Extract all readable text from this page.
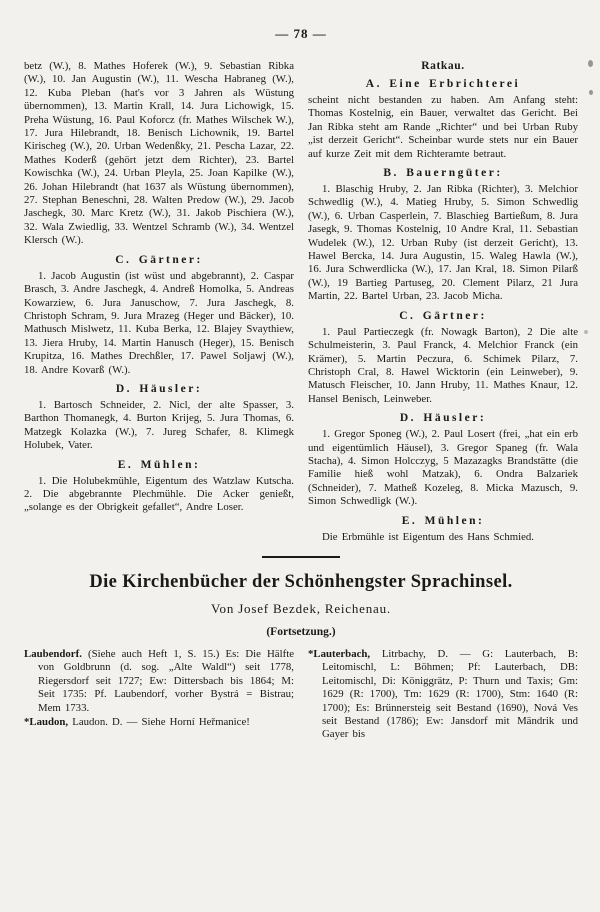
— 78 —

betz (W.), 8. Mathes Hoferek (W.), 9. Sebastian Ribka (W.), 10. Jan Augustin (W.), 11. Wescha Habraneg (W.), 12. Kuba Pleban (hat's vor 3 Jahren als Wüstung übernommen), 13. Martin Krall, 14. Jura Lichowigk, 15. Preha Wüstung, 16. Paul Koforcz (fr. Mathes Wilschek W.), 17. Jura Hilebrandt, 18. Benisch Lichownik, 19. Bartel Kirischeg (W.), 20. Urban Wedenßky, 21. Pescha Lazar, 22. Mathes Koderß (gehört jetzt dem Richter), 23. Bartel Kowischka (W.), 24. Urban Pleyla, 25. Joan Kapilke (W.), 26. Johan Hilebrandt (hat 1637 als Wüstung übernommen), 27. Stephan Beneschni, 28. Walten Predow (W.), 29. Jacob Jaschegk, 30. Marc Kretz (W.), 31. Jakob Pischiera (W.), 32. Wala Zwiedlig, 33. Wentzel Schramb (W.), 34. Wentzel Klersch (W.).

C. Gärtner:

1. Jacob Augustin (ist wüst und abgebrannt), 2. Caspar Brasch, 3. Andre Jaschegk, 4. Andreß Homolka, 5. Andreas Kowarziew, 6. Jura Januschow, 7. Jura Jaschegk, 8. Christoph Schram, 9. Jura Mrazeg (Heger und Bäcker), 10. Mathusch Mislwetz, 11. Kuba Berka, 12. Blajey Svaythiew, 13. Jiera Hruby, 14. Martin Hanusch (Heger), 15. Benisch Krupitza, 16. Mathes Drechßler, 17. Pawel Soljawj (W.), 18. Andre Kovarß (W.).

D. Häusler:

1. Bartosch Schneider, 2. Nicl, der alte Spasser, 3. Barthon Thomanegk, 4. Burton Krijeg, 5. Jura Thomas, 6. Matzegk Kolazka (W.), 7. Jureg Schafer, 8. Klimegk Holubek, Vater.

E. Mühlen:

1. Die Holubekmühle, Eigentum des Watzlaw Kutscha. 2. Die abgebrannte Plechmühle. Die Acker genießt, „solange es der Obrigkeit gefallet“, Andre Loser.

Ratkau.
A. Eine Erbrichterei

scheint nicht bestanden zu haben. Am Anfang steht: Thomas Kostelnig, ein Bauer, verwaltet das Gericht. Bei Jan Ribka steht am Rande „Richter“ und bei Urban Ruby „ist derzeit Gericht“. Scheinbar wurde stets nur ein Bauer auf kurze Zeit mit dem Richteramte betraut.

B. Bauerngüter:

1. Blaschig Hruby, 2. Jan Ribka (Richter), 3. Melchior Schwedlig (W.), 4. Matieg Hruby, 5. Simon Schwedlig (W.), 6. Urban Casperlein, 7. Blaschieg Bartießum, 8. Jura Jasegk, 9. Thomas Kostelnig, 10 Andre Kral, 11. Sebastian Wudelek (W.), 12. Urban Ruby (ist derzeit Gericht), 13. Hawel Bercka, 14. Jura Augustin, 15. Waleg Hawla (W.), 16. Jura Schwerdlicka (W.), 17. Jan Kral, 18. Simon Pilarß (W.), 19 Bartieg Partuseg, 20. Clement Pilarz, 21 Jura Martin, 22. Bartel Urban, 23. Jacob Micha.

C. Gärtner:

1. Paul Partieczegk (fr. Nowagk Barton), 2 Die alte Schulmeisterin, 3. Paul Franck, 4. Melchior Franck (ein Krämer), 5. Martin Peczura, 6. Schimek Pilarz, 7. Christoph Cral, 8. Hawel Wicktorin (ein Leinweber), 9. Matusch Fleischer, 10. Jann Hruby, 11. Mathes Knaur, 12. Hansel Benisch, Leinweber.

D. Häusler:

1. Gregor Sponeg (W.), 2. Paul Losert (frei, „hat ein erb und eigentümlich Häusel), 3. Gregor Spaneg (fr. Wala Stacha), 4. Simon Holcczyg, 5 Mazazagks Brandstätte (die Familie hieß wohl Matzak), 6. Ondra Balzariek (Schneider), 7. Matheß Kozeleg, 8. Micka Mazusch, 9. Simon Schwedligk (W.).

E. Mühlen:

Die Erbmühle ist Eigentum des Hans Schmied.

Die Kirchenbücher der Schönhengster Sprachinsel.
Von Josef Bezdek, Reichenau.
(Fortsetzung.)

Laubendorf. (Siehe auch Heft 1, S. 15.) Es: Die Hälfte von Goldbrunn (d. sog. „Alte Waldl“) seit 1778, Riegersdorf seit 1727; Ew: Dittersbach bis 1864; M: Seit 1735: Pf. Laubendorf, vorher Bystrá = Bistrau; Mem 1733.

*Laudon, Laudon. D. — Siehe Horní Heřmanice!

*Lauterbach, Litrbachy, D. — G: Lauterbach, B: Leitomischl, L: Böhmen; Pf: Lauterbach, DB: Leitomischl, Di: Königgrätz, P: Thurn und Taxis; Gm: 1629 (R: 1700), Tm: 1629 (R: 1700), Stm: 1640 (R: 1700); Es: Brünnersteig seit Bestand (1690), Nová Ves seit Bestand (1786); Ew: Jansdorf mit Mändrik und Gayer bis
